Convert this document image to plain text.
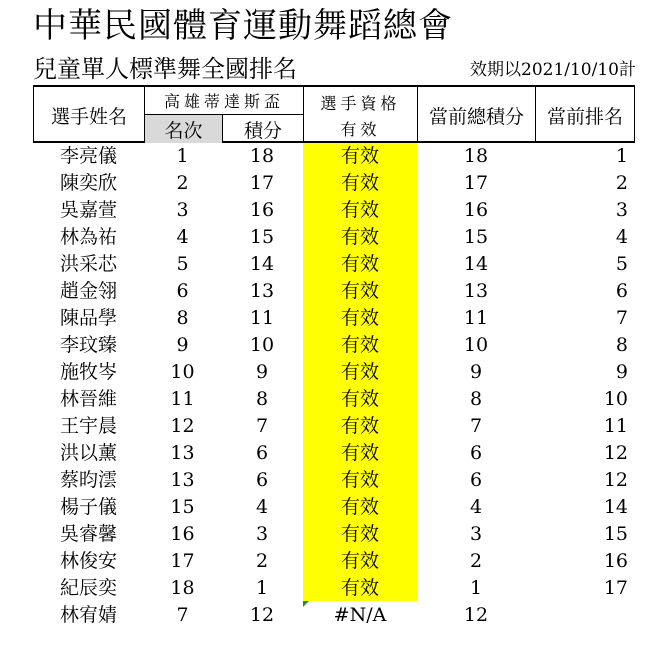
中華民國體育運動舞蹈總會
兒童單人標準舞全國排名	效期以2021/10/10計
選手姓名
高雄蒂達斯盃
名次	積分
選手資格
有效
當前總積分	當前排名
李亮儀	1	18	有效	18	1
陳奕欣	2	17	有效	17	2
吳嘉萱	3	16	有效	16	3
林為祐	4	15	有效	15	4
洪采芯	5	14	有效	14	5
趙金翎	6	13	有效	13	6
陳品學	8	11	有效	11	7
李玟臻	9	10	有效	10	8
施牧岑	10	9	有效	9	9
林晉維	11	8	有效	8	10
王宇晨	12	7	有效	7	11
洪以薰	13	6	有效	6	12
蔡昀澐	13	6	有效	6	12
楊子儀	15	4	有效	4	14
吳睿馨	16	3	有效	3	15
林俊安	17	2	有效	2	16
紀辰奕	18	1	有效	1	17
林宥婧	7	12	#N/A	12
